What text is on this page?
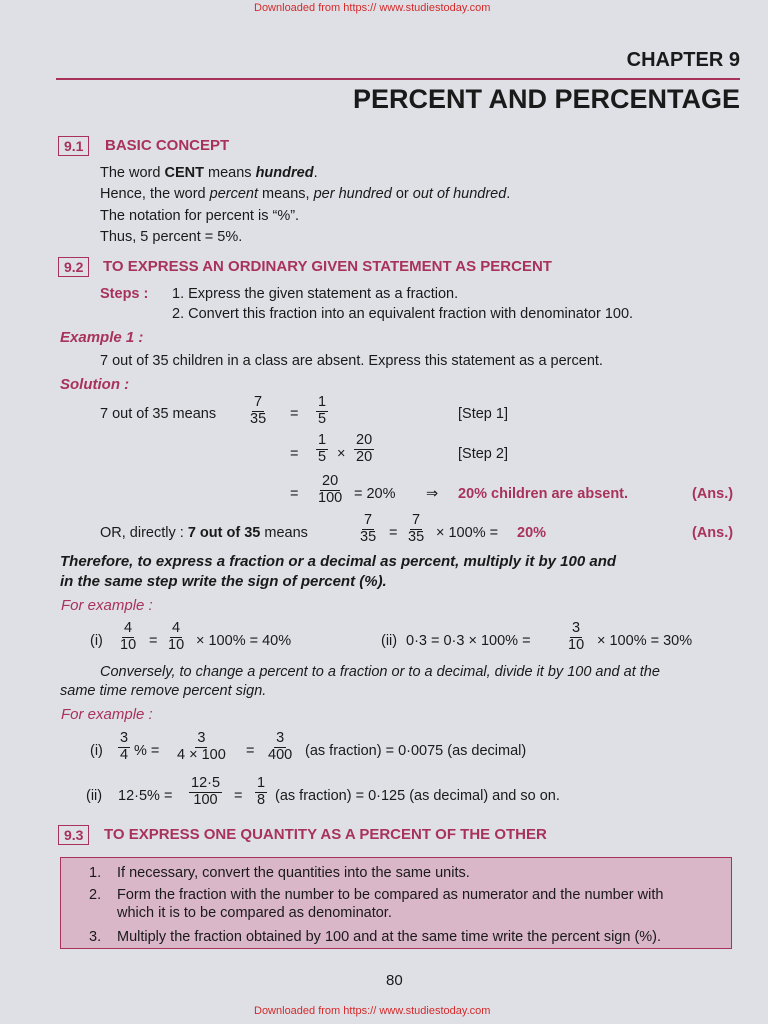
Downloaded from https:// www.studiestoday.com
Downloaded from https:// www.studiestoday.com
CHAPTER 9
PERCENT AND PERCENTAGE
9.1	BASIC CONCEPT
The word CENT means hundred.
Hence, the word percent means, per hundred or out of hundred.
The notation for percent is “%”.
Thus, 5 percent = 5%.
9.2	TO EXPRESS AN ORDINARY GIVEN STATEMENT AS PERCENT
Steps : 1. Express the given statement as a fraction.
2. Convert this fraction into an equivalent fraction with denominator 100.
Example 1 :
7 out of 35 children in a class are absent. Express this statement as a percent.
Solution :
7 out of 35 means $\frac{7}{35} = \frac{1}{5}$	[Step 1]
= $\frac{1}{5} \times \frac{20}{20}$	[Step 2]
= $\frac{20}{100} = 20\%$ ⇒ 20% children are absent.	(Ans.)
OR, directly : 7 out of 35 means	$\frac{7}{35} = \frac{7}{35} \times 100\% = 20\%$	(Ans.)
Therefore, to express a fraction or a decimal as percent, multiply it by 100 and
in the same step write the sign of percent (%).
For example :
$(i) \frac{4}{10} = \frac{4}{10} \times 100\% = 40\%$	(ii) $0\cdot 3 = 0\cdot 3 \times 100\% = \frac{3}{10} \times 100\% = 30\%$
Conversely, to change a percent to a fraction or to a decimal, divide it by 100 and at the
same time remove percent sign.
For example :
$(i) \frac{3}{4}$ % = $\frac{3}{4 \times 100} = \frac{3}{400} (as$ fraction) = 0·0075 (as decimal)
(ii) $12\cdot 5\% = \frac{12\cdot 5}{100} = \frac{1}{8} (as$ fraction) = 0·125 (as decimal) and so on.
9.3	TO EXPRESS ONE QUANTITY AS A PERCENT OF THE OTHER
1. If necessary, convert the quantities into the same units.
2. Form the fraction with the number to be compared as numerator and the number with
which it is to be compared as denominator.
3. Multiply the fraction obtained by 100 and at the same time write the percent sign (%).
80
